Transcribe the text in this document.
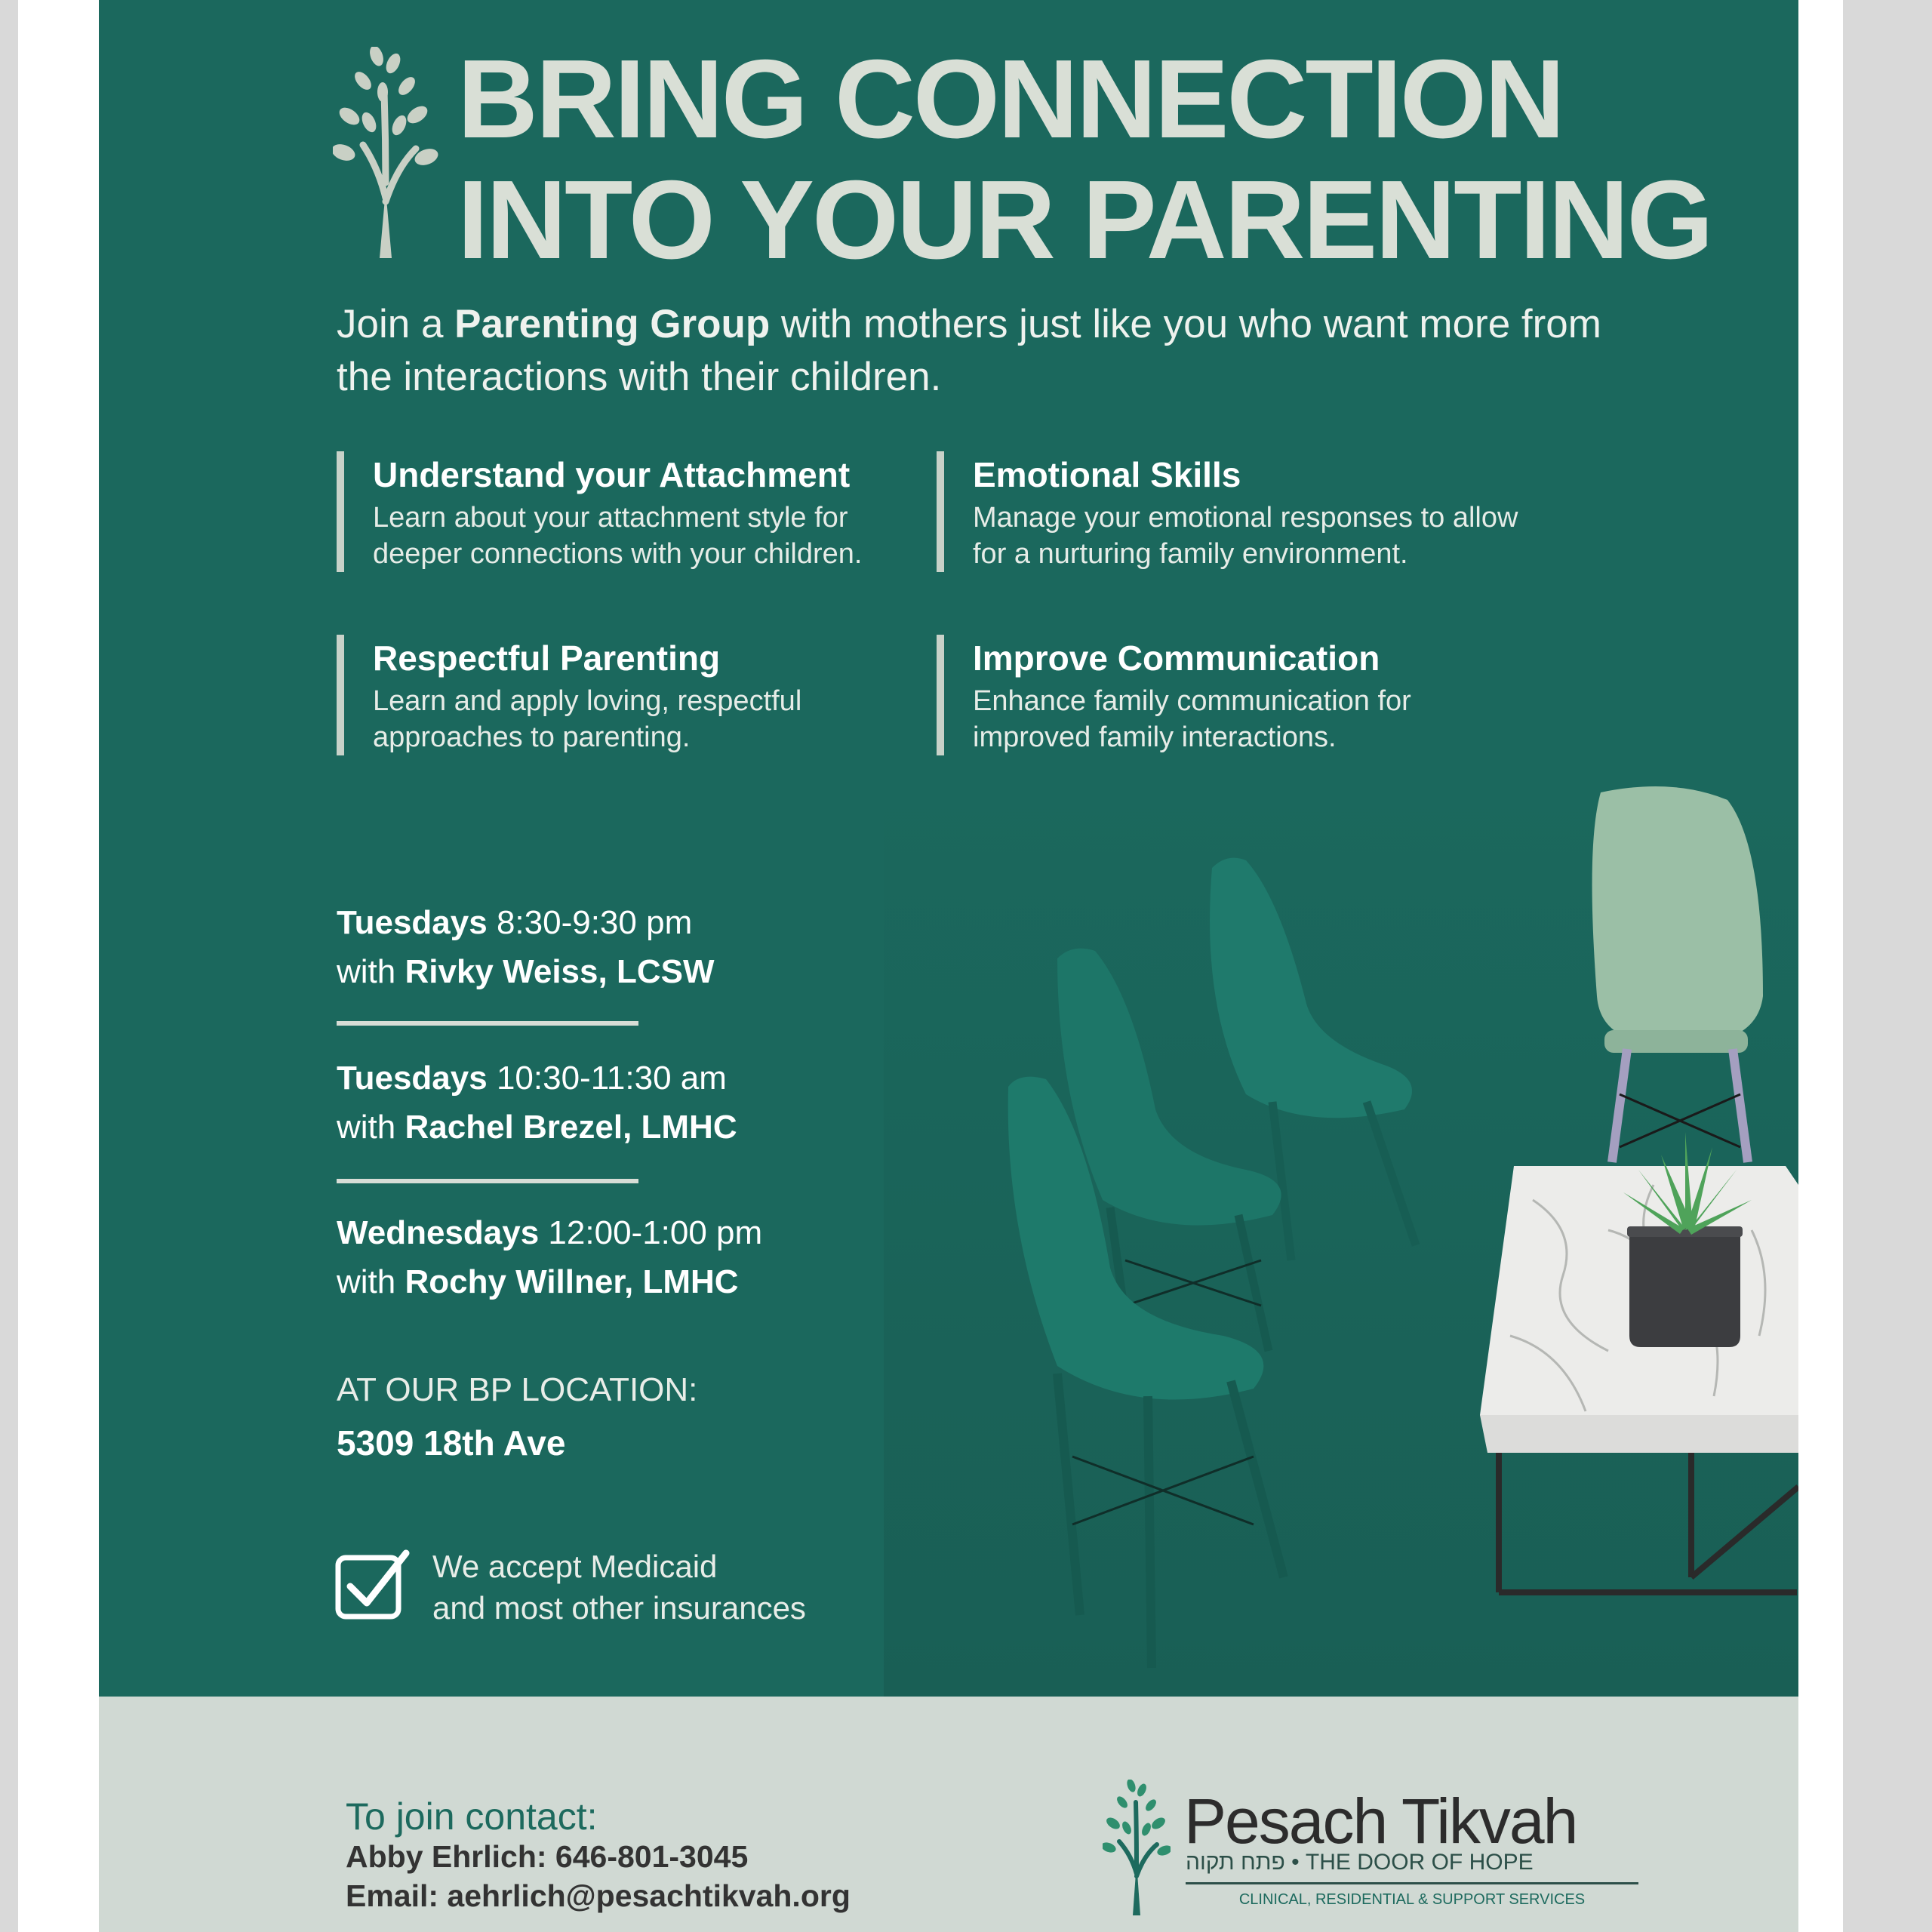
BRING CONNECTION
INTO YOUR PARENTING
Join a Parenting Group with mothers just like you who want more from the interactions with their children.
Understand your Attachment
Learn about your attachment style for deeper connections with your children.
Emotional Skills
Manage your emotional responses to allow for a nurturing family environment.
Respectful Parenting
Learn and apply loving, respectful approaches to parenting.
Improve Communication
Enhance family communication for improved family interactions.
Tuesdays 8:30-9:30 pm
with Rivky Weiss, LCSW
Tuesdays 10:30-11:30 am
with Rachel Brezel, LMHC
Wednesdays 12:00-1:00 pm
with Rochy Willner, LMHC
AT OUR BP LOCATION:
5309 18th Ave
We accept Medicaid
and most other insurances
To join contact:
Abby Ehrlich: 646-801-3045
Email: aehrlich@pesachtikvah.org
Pesach Tikvah
פתח תקוה • THE DOOR OF HOPE
CLINICAL, RESIDENTIAL & SUPPORT SERVICES
